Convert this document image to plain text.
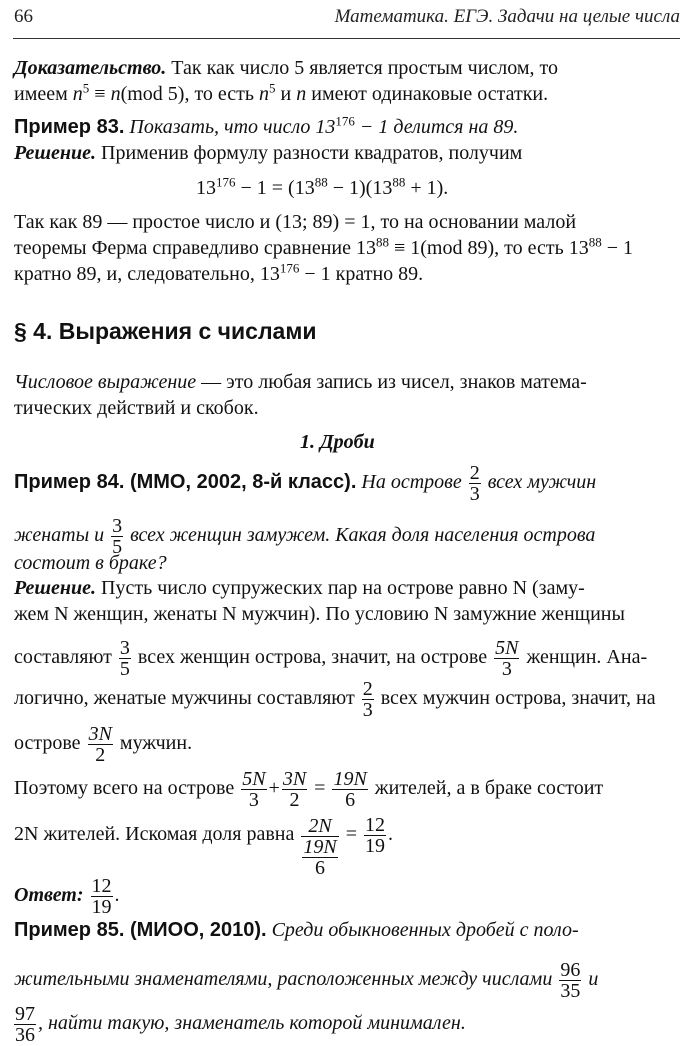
66	Математика. ЕГЭ. Задачи на целые числа
Доказательство. Так как число 5 является простым числом, то
имеем $n^5 \equiv n(mod$ 5), то есть $n^5$ и n имеют одинаковые остатки.
Пример 83. Показать, что число $13^{176} - 1$ делится на 89.
Решение. Применив формулу разности квадратов, получим
$13^{176} - 1 = (13^{88} - 1)(13^{88} + 1)$.
Так как 89 — простое число и (13; 89) = 1, то на основании малой
теоремы Ферма справедливо сравнение $13^{88} \equiv 1(mod$ 89), то есть $13^{88} - 1$
кратно 89, и, следовательно, $13^{176} - 1$ кратно 89.
§ 4. Выражения с числами
Числовое выражение — это любая запись из чисел, знаков матема-
тических действий и скобок.
1. Дроби
Пример 84. (ММО, 2002, 8-й класс). На острове $\frac{2}{3}$ всех мужчин
женаты и $\frac{3}{5}$ всех женщин замужем. Какая доля населения острова
состоит в браке?
Решение. Пусть число супружеских пар на острове равно N (заму-
жем N женщин, женаты N мужчин). По условию N замужние женщины
составляют $\frac{3}{5}$ всех женщин острова, значит, на острове $\frac{5N}{3}$ женщин. Ана-
логично, женатые мужчины составляют $\frac{2}{3}$ всех мужчин острова, значит, на
острове $\frac{3N}{2}$ мужчин.
Поэтому всего на острове $\frac{5N}{3} + \frac{3N}{2} = \frac{19N}{6}$ жителей, а в браке состоит
2N жителей. Искомая доля равна $\frac{2N}{\frac{19N}{6}} = \frac{12}{19}$ .
Ответ: $\frac{12}{19}$ .
Пример 85. (МИОО, 2010). Среди обыкновенных дробей с поло-
жительными знаменателями, расположенных между числами $\frac{96}{35}$ и
$\frac{97}{36}$ , найти такую, знаменатель которой минимален.
